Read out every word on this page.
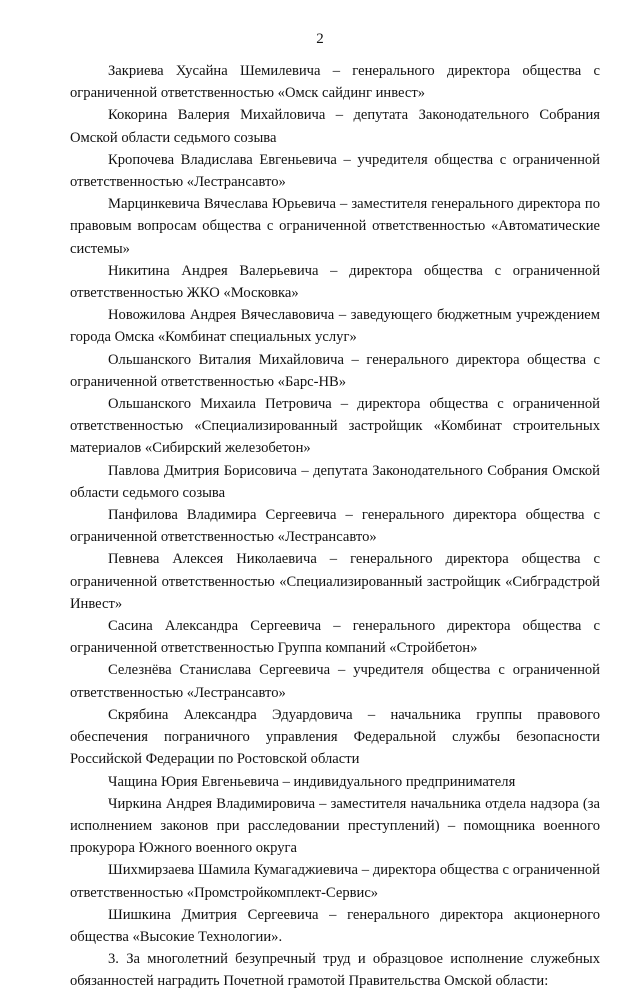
2

Закриева Хусайна Шемилевича – генерального директора общества с ограниченной ответственностью «Омск сайдинг инвест»

Кокорина Валерия Михайловича – депутата Законодательного Собрания Омской области седьмого созыва

Кропочева Владислава Евгеньевича – учредителя общества с ограниченной ответственностью «Лестрансавто»

Марцинкевича Вячеслава Юрьевича – заместителя генерального директора по правовым вопросам общества с ограниченной ответственностью «Автоматические системы»

Никитина Андрея Валерьевича – директора общества с ограниченной ответственностью ЖКО «Московка»

Новожилова Андрея Вячеславовича – заведующего бюджетным учреждением города Омска «Комбинат специальных услуг»

Ольшанского Виталия Михайловича – генерального директора общества с ограниченной ответственностью «Барс-НВ»

Ольшанского Михаила Петровича – директора общества с ограниченной ответственностью «Специализированный застройщик «Комбинат строительных материалов «Сибирский железобетон»

Павлова Дмитрия Борисовича – депутата Законодательного Собрания Омской области седьмого созыва

Панфилова Владимира Сергеевича – генерального директора общества с ограниченной ответственностью «Лестрансавто»

Певнева Алексея Николаевича – генерального директора общества с ограниченной ответственностью «Специализированный застройщик «Сибградстрой Инвест»

Сасина Александра Сергеевича – генерального директора общества с ограниченной ответственностью Группа компаний «Стройбетон»

Селезнёва Станислава Сергеевича – учредителя общества с ограниченной ответственностью «Лестрансавто»

Скрябина Александра Эдуардовича – начальника группы правового обеспечения пограничного управления Федеральной службы безопасности Российской Федерации по Ростовской области

Чащина Юрия Евгеньевича – индивидуального предпринимателя

Чиркина Андрея Владимировича – заместителя начальника отдела надзора (за исполнением законов при расследовании преступлений) – помощника военного прокурора Южного военного округа

Шихмирзаева Шамила Кумагаджиевича – директора общества с ограниченной ответственностью «Промстройкомплект-Сервис»

Шишкина Дмитрия Сергеевича – генерального директора акционерного общества «Высокие Технологии».

3. За многолетний безупречный труд и образцовое исполнение служебных обязанностей наградить Почетной грамотой Правительства Омской области:
